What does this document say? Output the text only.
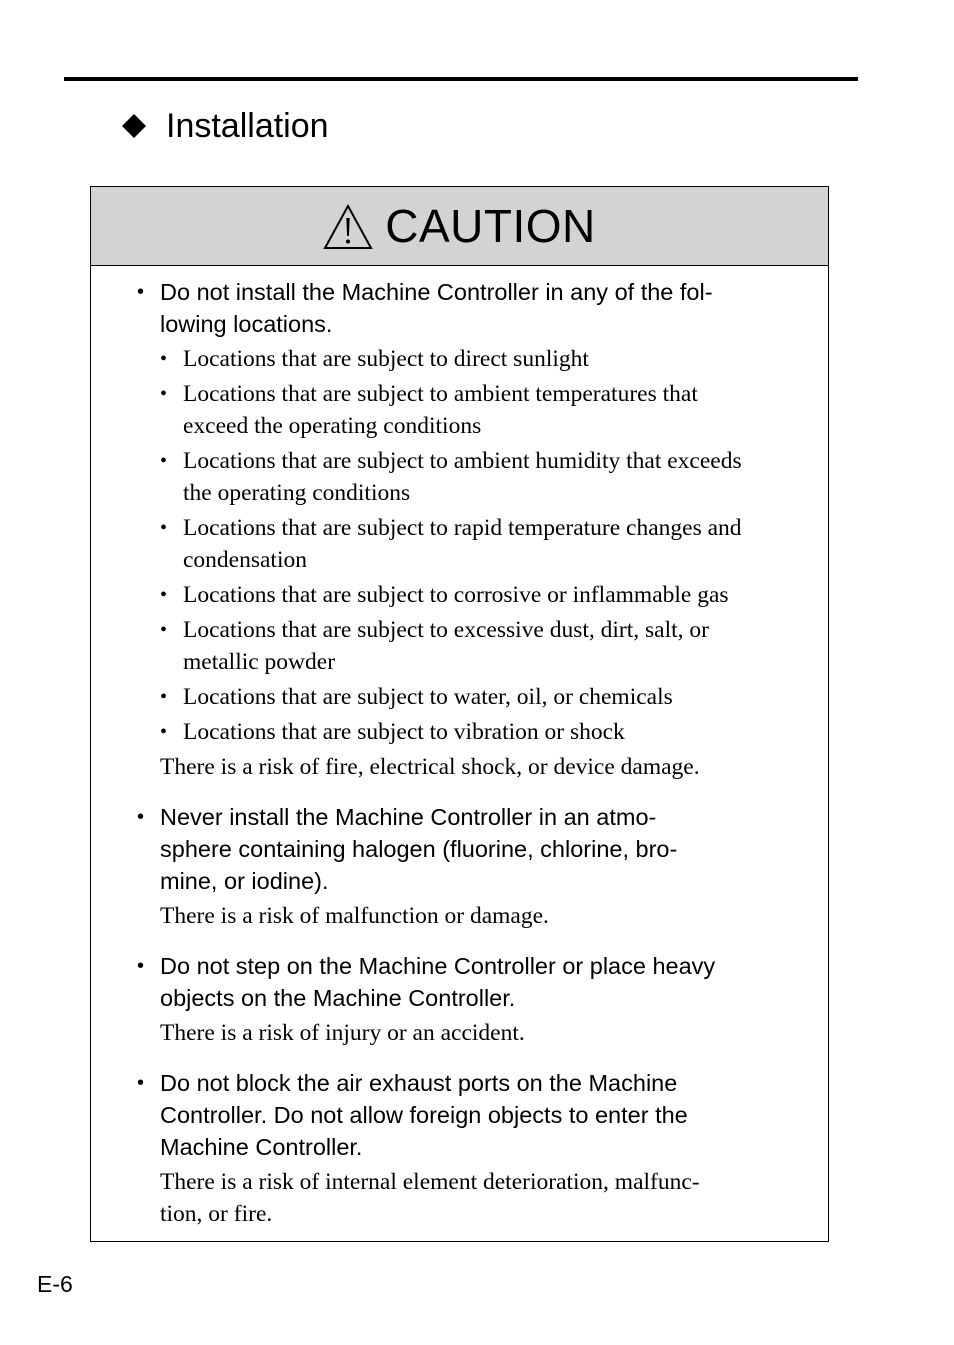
Installation
CAUTION
• Do not install the Machine Controller in any of the fol-
lowing locations.
• Locations that are subject to direct sunlight
• Locations that are subject to ambient temperatures that
exceed the operating conditions
• Locations that are subject to ambient humidity that exceeds
the operating conditions
• Locations that are subject to rapid temperature changes and
condensation
• Locations that are subject to corrosive or inflammable gas
• Locations that are subject to excessive dust, dirt, salt, or
metallic powder
• Locations that are subject to water, oil, or chemicals
• Locations that are subject to vibration or shock
There is a risk of fire, electrical shock, or device damage.
• Never install the Machine Controller in an atmo-
sphere containing halogen (fluorine, chlorine, bro-
mine, or iodine).
There is a risk of malfunction or damage.
• Do not step on the Machine Controller or place heavy
objects on the Machine Controller.
There is a risk of injury or an accident.
• Do not block the air exhaust ports on the Machine
Controller. Do not allow foreign objects to enter the
Machine Controller.
There is a risk of internal element deterioration, malfunc-
tion, or fire.
E-6
